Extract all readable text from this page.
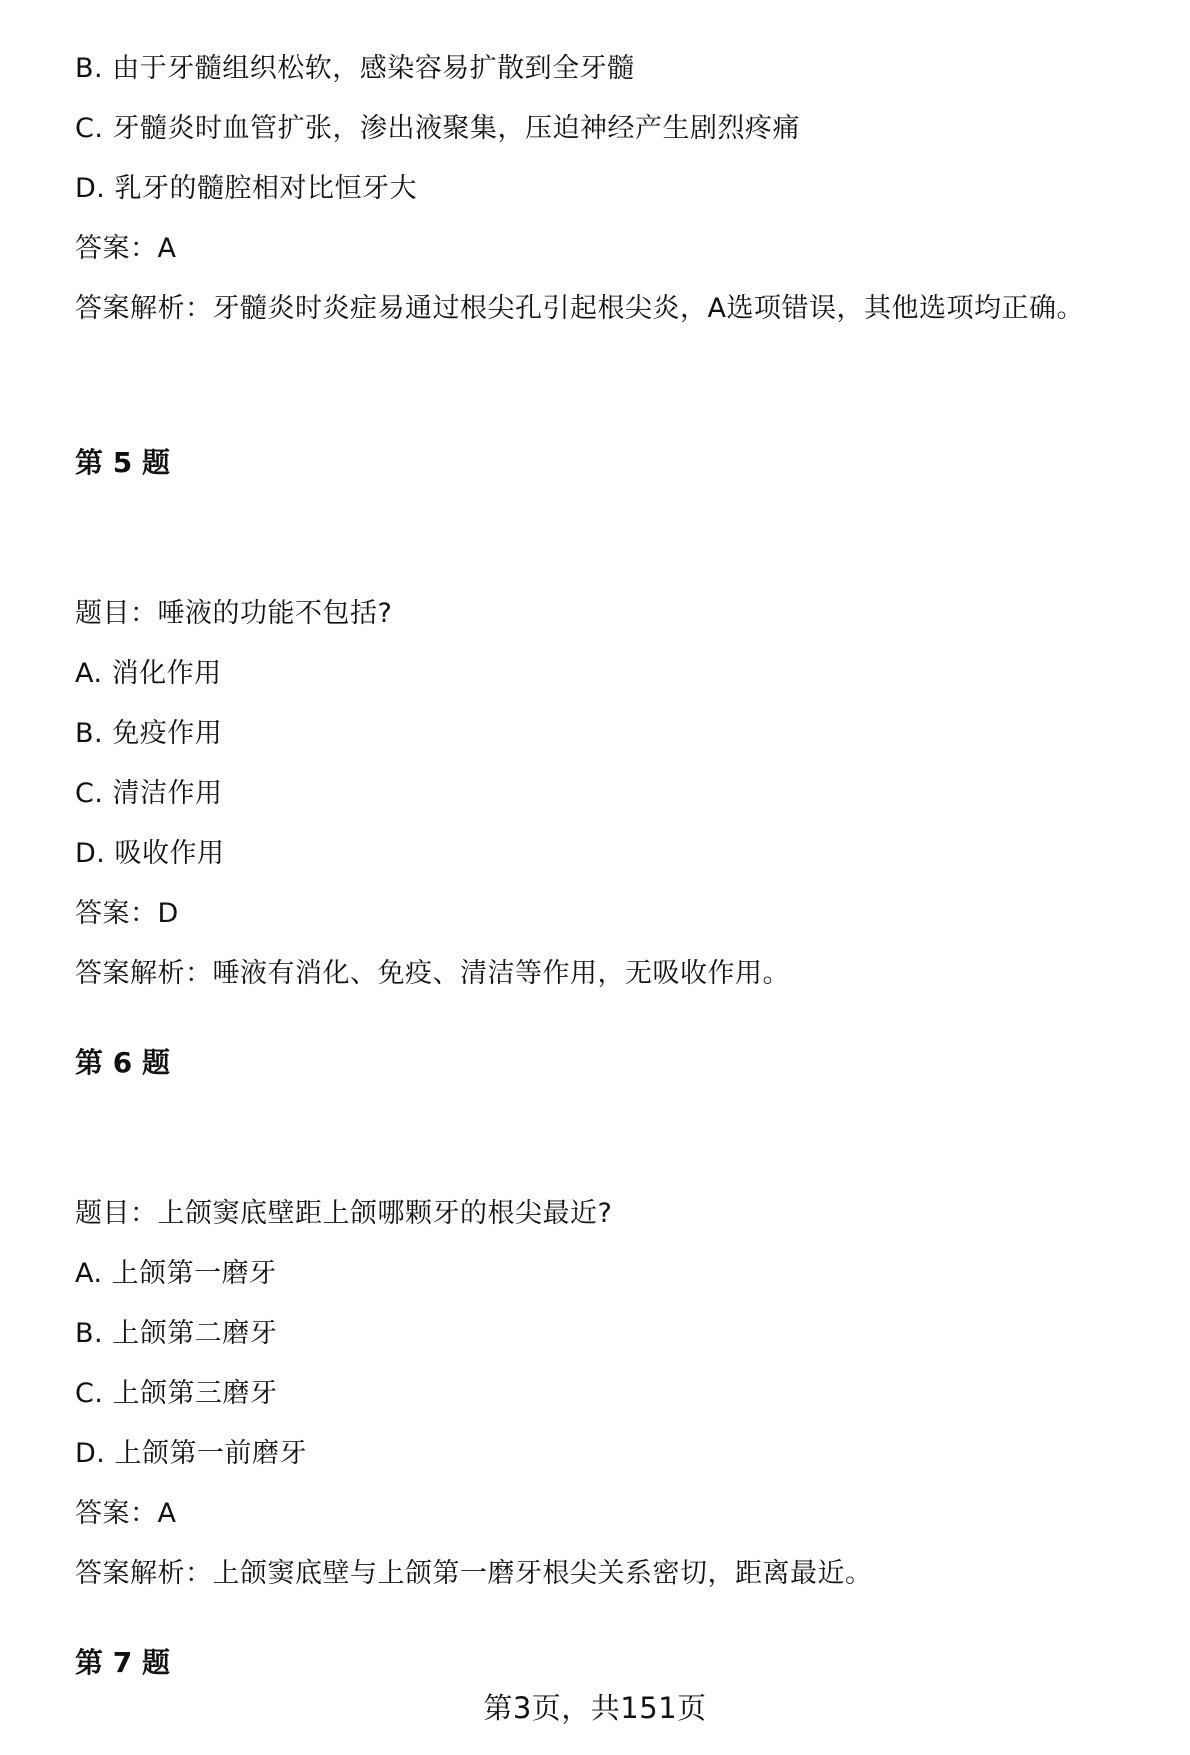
B. 由于牙髓组织松软，感染容易扩散到全牙髓
C. 牙髓炎时血管扩张，渗出液聚集，压迫神经产生剧烈疼痛
D. 乳牙的髓腔相对比恒牙大
答案：A
答案解析：牙髓炎时炎症易通过根尖孔引起根尖炎，A选项错误，其他选项均正确。
第 5 题
题目：唾液的功能不包括?
A. 消化作用
B. 免疫作用
C. 清洁作用
D. 吸收作用
答案：D
答案解析：唾液有消化、免疫、清洁等作用，无吸收作用。
第 6 题
题目：上颌窦底壁距上颌哪颗牙的根尖最近?
A. 上颌第一磨牙
B. 上颌第二磨牙
C. 上颌第三磨牙
D. 上颌第一前磨牙
答案：A
答案解析：上颌窦底壁与上颌第一磨牙根尖关系密切，距离最近。
第 7 题
第3页，共151页
